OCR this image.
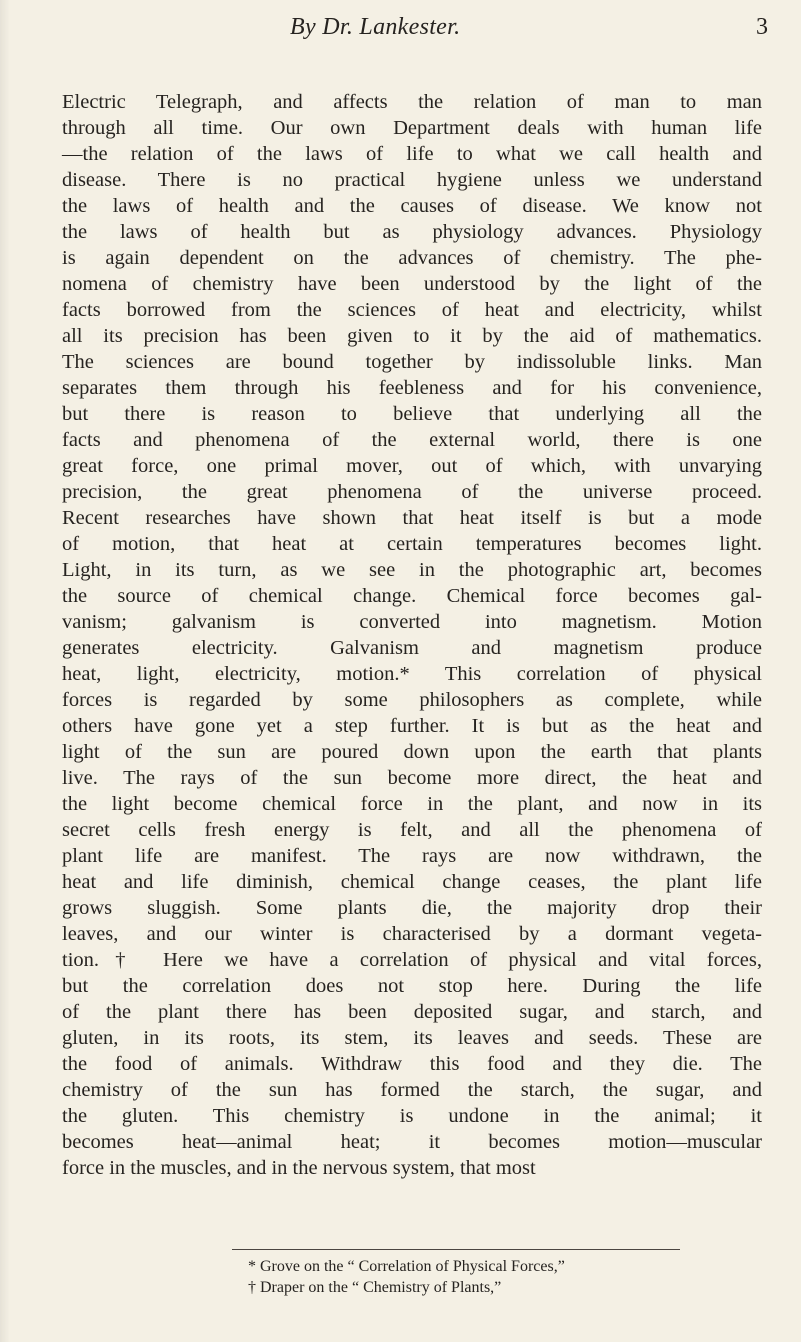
By Dr. Lankester.	3
Electric Telegraph, and affects the relation of man to man
through all time. Our own Department deals with human life
—the relation of the laws of life to what we call health and
disease. There is no practical hygiene unless we understand
the laws of health and the causes of disease. We know not
the laws of health but as physiology advances. Physiology
is again dependent on the advances of chemistry. The phe-
nomena of chemistry have been understood by the light of the
facts borrowed from the sciences of heat and electricity, whilst
all its precision has been given to it by the aid of mathematics.
The sciences are bound together by indissoluble links. Man
separates them through his feebleness and for his convenience,
but there is reason to believe that underlying all the
facts and phenomena of the external world, there is one
great force, one primal mover, out of which, with unvarying
precision, the great phenomena of the universe proceed.
Recent researches have shown that heat itself is but a mode
of motion, that heat at certain temperatures becomes light.
Light, in its turn, as we see in the photographic art, becomes
the source of chemical change. Chemical force becomes gal-
vanism; galvanism is converted into magnetism. Motion
generates electricity. Galvanism and magnetism produce
heat, light, electricity, motion.* This correlation of physical
forces is regarded by some philosophers as complete, while
others have gone yet a step further. It is but as the heat and
light of the sun are poured down upon the earth that plants
live. The rays of the sun become more direct, the heat and
the light become chemical force in the plant, and now in its
secret cells fresh energy is felt, and all the phenomena of
plant life are manifest. The rays are now withdrawn, the
heat and life diminish, chemical change ceases, the plant life
grows sluggish. Some plants die, the majority drop their
leaves, and our winter is characterised by a dormant vegeta-
tion.† Here we have a correlation of physical and vital forces,
but the correlation does not stop here. During the life
of the plant there has been deposited sugar, and starch, and
gluten, in its roots, its stem, its leaves and seeds. These are
the food of animals. Withdraw this food and they die. The
chemistry of the sun has formed the starch, the sugar, and
the gluten. This chemistry is undone in the animal; it
becomes heat—animal heat; it becomes motion—muscular
force in the muscles, and in the nervous system, that most
* Grove on the “ Correlation of Physical Forces,”
† Draper on the “ Chemistry of Plants,”
